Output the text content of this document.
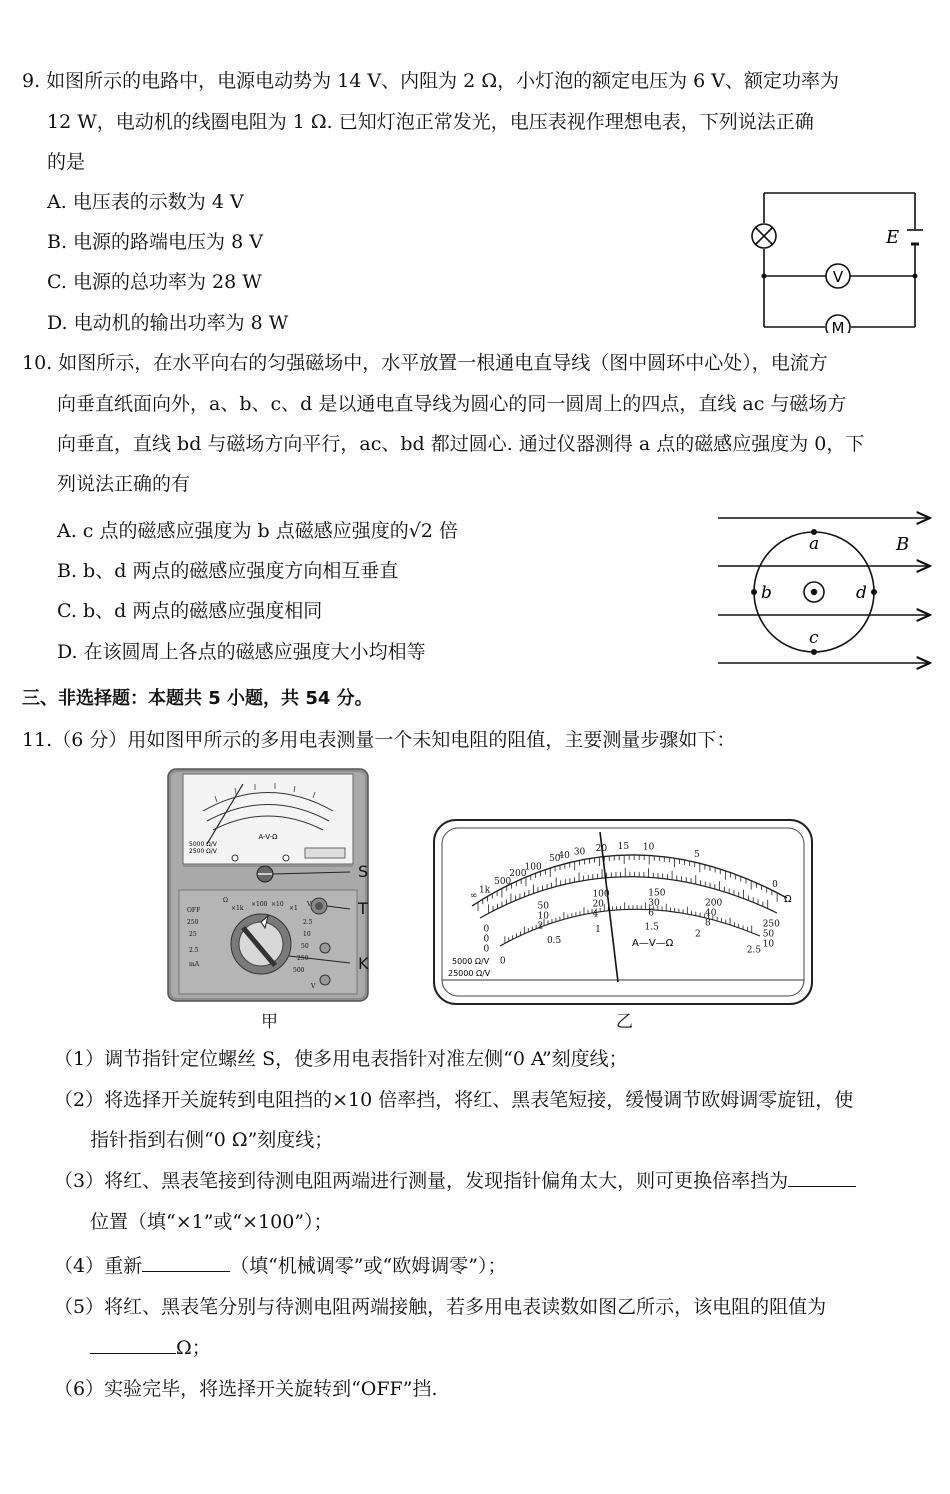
9. 如图所示的电路中，电源电动势为 14 V、内阻为 2 Ω，小灯泡的额定电压为 6 V、额定功率为
12 W，电动机的线圈电阻为 1 Ω. 已知灯泡正常发光，电压表视作理想电表，下列说法正确
的是
A. 电压表的示数为 4 V
B. 电源的路端电压为 8 V
C. 电源的总功率为 28 W
D. 电动机的输出功率为 8 W
E
V
M
10. 如图所示，在水平向右的匀强磁场中，水平放置一根通电直导线（图中圆环中心处），电流方
向垂直纸面向外，a、b、c、d 是以通电直导线为圆心的同一圆周上的四点，直线 ac 与磁场方
向垂直，直线 bd 与磁场方向平行，ac、bd 都过圆心. 通过仪器测得 a 点的磁感应强度为 0，下
列说法正确的有
A. c 点的磁感应强度为 b 点磁感应强度的√2 倍
B. b、d 两点的磁感应强度方向相互垂直
C. b、d 两点的磁感应强度相同
D. 在该圆周上各点的磁感应强度大小均相等
a
b
c
d
B
三、非选择题：本题共 5 小题，共 54 分。
11.（6 分）用如图甲所示的多用电表测量一个未知电阻的阻值，主要测量步骤如下：
A-V-Ω
5000 Ω/V
2500 Ω/V
OFF
250
25
2.5
mA
Ω
×1k
×100 ×10
×1
V
2.5
10
50
250
500
V
S
T
K
甲
∞
1k
500
200
100
50
40 30 20 15 10
5
0
0
50
100	150
200
250
0
10
20	30
40
50
0
2
4	6
8
10
0
0.5
1	1.5
2
2.5
A—V—Ω
Ω
5000 Ω/V
25000 Ω/V
乙
（1）调节指针定位螺丝 S，使多用电表指针对准左侧“0 A”刻度线；
（2）将选择开关旋转到电阻挡的×10 倍率挡，将红、黑表笔短接，缓慢调节欧姆调零旋钮，使
指针指到右侧“0 Ω”刻度线；
（3）将红、黑表笔接到待测电阻两端进行测量，发现指针偏角太大，则可更换倍率挡为
位置（填“×1”或“×100”）；
（4）重新	（填“机械调零”或“欧姆调零”）；
（5）将红、黑表笔分别与待测电阻两端接触，若多用电表读数如图乙所示，该电阻的阻值为
Ω；
（6）实验完毕，将选择开关旋转到“OFF”挡.
